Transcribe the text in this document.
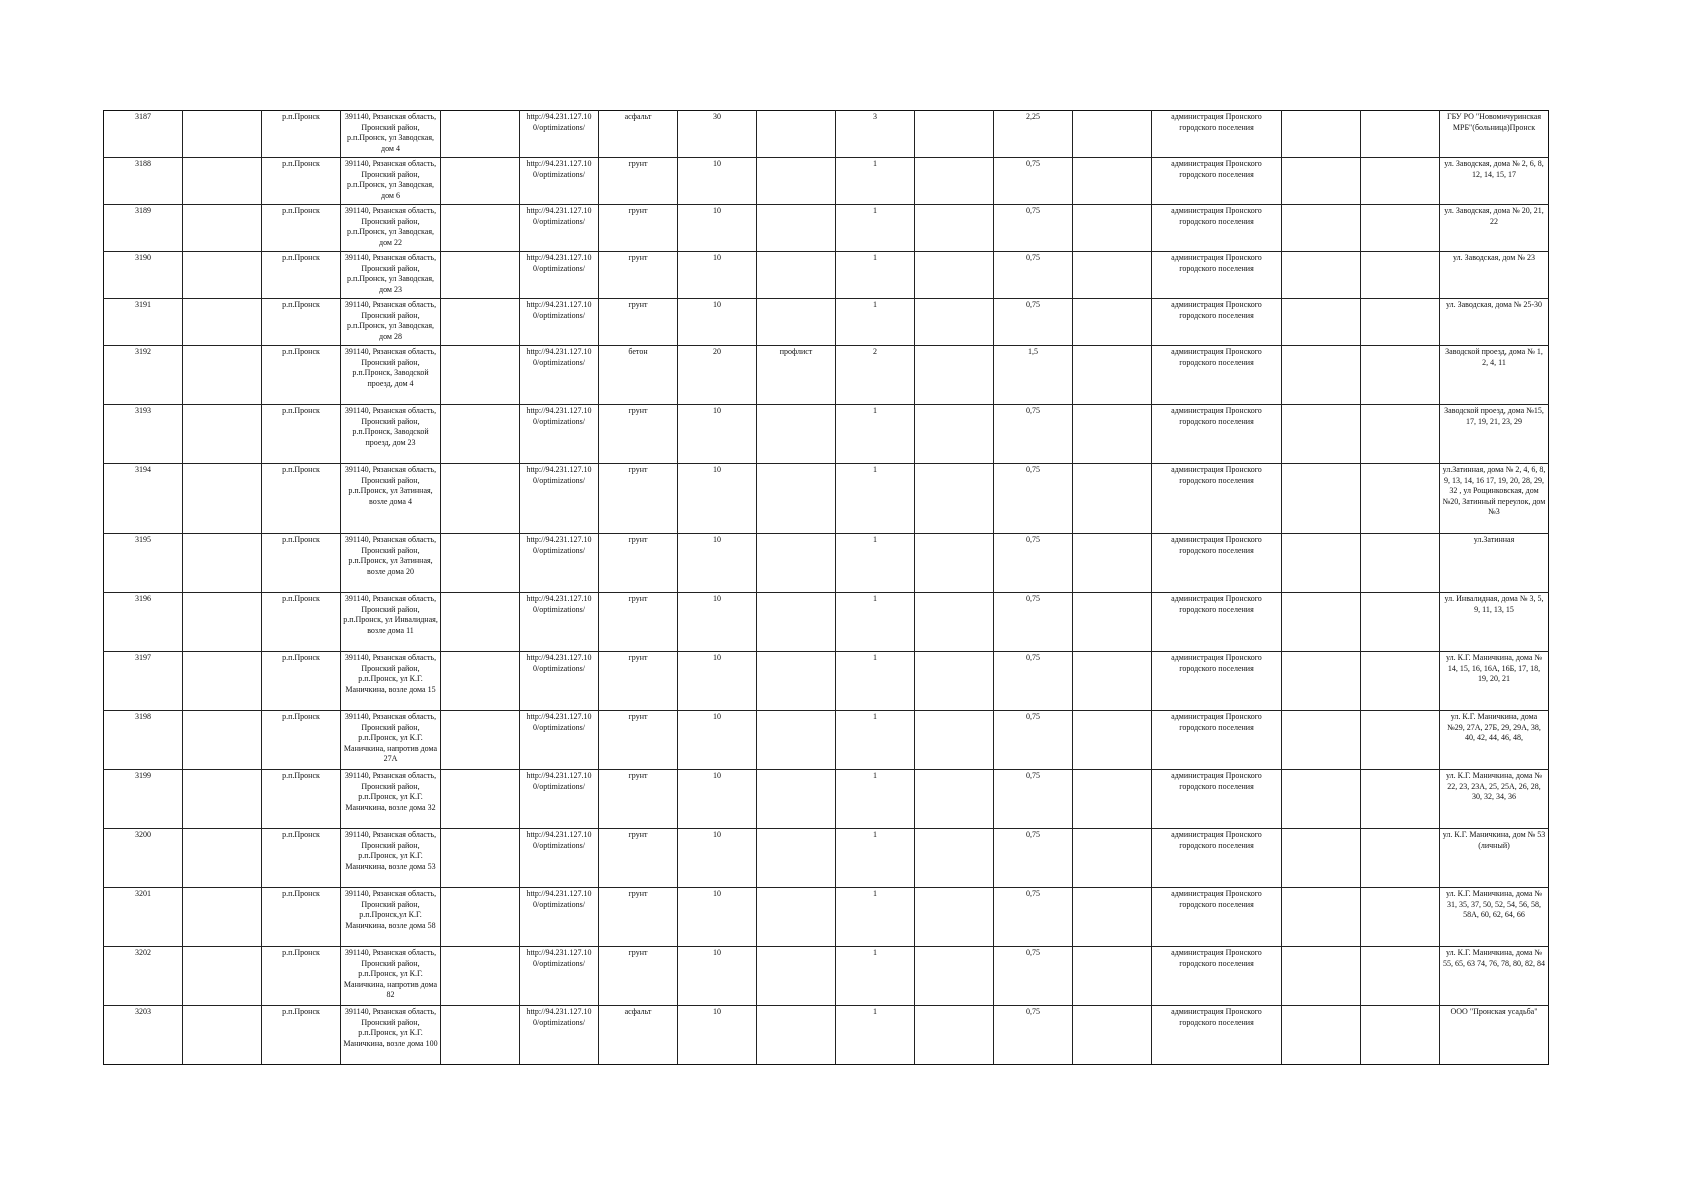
3187		р.п.Пронск	391140, Рязанская область, Пронский район, р.п.Пронск, ул Заводская, дом 4		http://94.231.127.10 0/optimizations/	асфальт	30		3		2,25		администрация Пронского городского поселения			ГБУ РО "Новомичуринская МРБ"(больница)Пронск
3188		р.п.Пронск	391140, Рязанская область, Пронский район, р.п.Пронск, ул Заводская, дом 6		http://94.231.127.10 0/optimizations/	грунт	10		1		0,75		администрация Пронского городского поселения			ул. Заводская, дома № 2, 6, 8, 12, 14, 15, 17
3189		р.п.Пронск	391140, Рязанская область, Пронский район, р.п.Пронск, ул Заводская, дом 22		http://94.231.127.10 0/optimizations/	грунт	10		1		0,75		администрация Пронского городского поселения			ул. Заводская, дома № 20, 21, 22
3190		р.п.Пронск	391140, Рязанская область, Пронский район, р.п.Пронск, ул Заводская, дом 23		http://94.231.127.10 0/optimizations/	грунт	10		1		0,75		администрация Пронского городского поселения			ул. Заводская, дом № 23
3191		р.п.Пронск	391140, Рязанская область, Пронский район, р.п.Пронск, ул Заводская, дом 28		http://94.231.127.10 0/optimizations/	грунт	10		1		0,75		администрация Пронского городского поселения			ул. Заводская, дома № 25-30
3192		р.п.Пронск	391140, Рязанская область, Пронский район, р.п.Пронск, Заводской проезд, дом 4		http://94.231.127.10 0/optimizations/	бетон	20	профлист	2		1,5		администрация Пронского городского поселения			Заводской проезд, дома № 1, 2, 4, 11
3193		р.п.Пронск	391140, Рязанская область, Пронский район, р.п.Пронск, Заводской проезд, дом 23		http://94.231.127.10 0/optimizations/	грунт	10		1		0,75		администрация Пронского городского поселения			Заводской проезд, дома №15, 17, 19, 21, 23, 29
3194		р.п.Пронск	391140, Рязанская область, Пронский район, р.п.Пронск, ул Затинная, возле дома 4		http://94.231.127.10 0/optimizations/	грунт	10		1		0,75		администрация Пронского городского поселения			ул.Затинная, дома № 2, 4, 6, 8, 9, 13, 14, 16 17, 19, 20, 28, 29, 32 , ул Рощинковская, дом №20, Затинный переулок, дом №3
3195		р.п.Пронск	391140, Рязанская область, Пронский район, р.п.Пронск, ул Затинная, возле дома 20		http://94.231.127.10 0/optimizations/	грунт	10		1		0,75		администрация Пронского городского поселения			ул.Затинная
3196		р.п.Пронск	391140, Рязанская область, Пронский район, р.п.Пронск, ул Инвалидная, возле дома 11		http://94.231.127.10 0/optimizations/	грунт	10		1		0,75		администрация Пронского городского поселения			ул. Инвалидная, дома № 3, 5, 9, 11, 13, 15
3197		р.п.Пронск	391140, Рязанская область, Пронский район, р.п.Пронск, ул К.Г. Маничкина, возле дома 15		http://94.231.127.10 0/optimizations/	грунт	10		1		0,75		администрация Пронского городского поселения			ул. К.Г. Маничкина, дома № 14, 15, 16, 16А, 16Б, 17, 18, 19, 20, 21
3198		р.п.Пронск	391140, Рязанская область, Пронский район, р.п.Пронск, ул К.Г. Маничкина, напротив дома 27А		http://94.231.127.10 0/optimizations/	грунт	10		1		0,75		администрация Пронского городского поселения			ул. К.Г. Маничкина, дома №29, 27А, 27Б, 29, 29А, 38, 40, 42, 44, 46, 48,
3199		р.п.Пронск	391140, Рязанская область, Пронский район, р.п.Пронск, ул К.Г. Маничкина, возле дома 32		http://94.231.127.10 0/optimizations/	грунт	10		1		0,75		администрация Пронского городского поселения			ул. К.Г. Маничкина, дома № 22, 23, 23А, 25, 25А, 26, 28, 30, 32, 34, 36
3200		р.п.Пронск	391140, Рязанская область, Пронский район, р.п.Пронск, ул К.Г. Маничкина, возле дома 53		http://94.231.127.10 0/optimizations/	грунт	10		1		0,75		администрация Пронского городского поселения			ул. К.Г. Маничкина, дом № 53 (личный)
3201		р.п.Пронск	391140, Рязанская область, Пронский район, р.п.Пронск,ул К.Г. Маничкина, возле дома 58		http://94.231.127.10 0/optimizations/	грунт	10		1		0,75		администрация Пронского городского поселения			ул. К.Г. Маничкина, дома № 31, 35, 37, 50, 52, 54, 56, 58, 58А, 60, 62, 64, 66
3202		р.п.Пронск	391140, Рязанская область, Пронский район, р.п.Пронск, ул К.Г. Маничкина, напротив дома 82		http://94.231.127.10 0/optimizations/	грунт	10		1		0,75		администрация Пронского городского поселения			ул. К.Г. Маничкина, дома № 55, 65, 63 74, 76, 78, 80, 82, 84
3203		р.п.Пронск	391140, Рязанская область, Пронский район, р.п.Пронск, ул К.Г. Маничкина, возле дома 100		http://94.231.127.10 0/optimizations/	асфальт	10		1		0,75		администрация Пронского городского поселения			ООО "Пронская усадьба"
